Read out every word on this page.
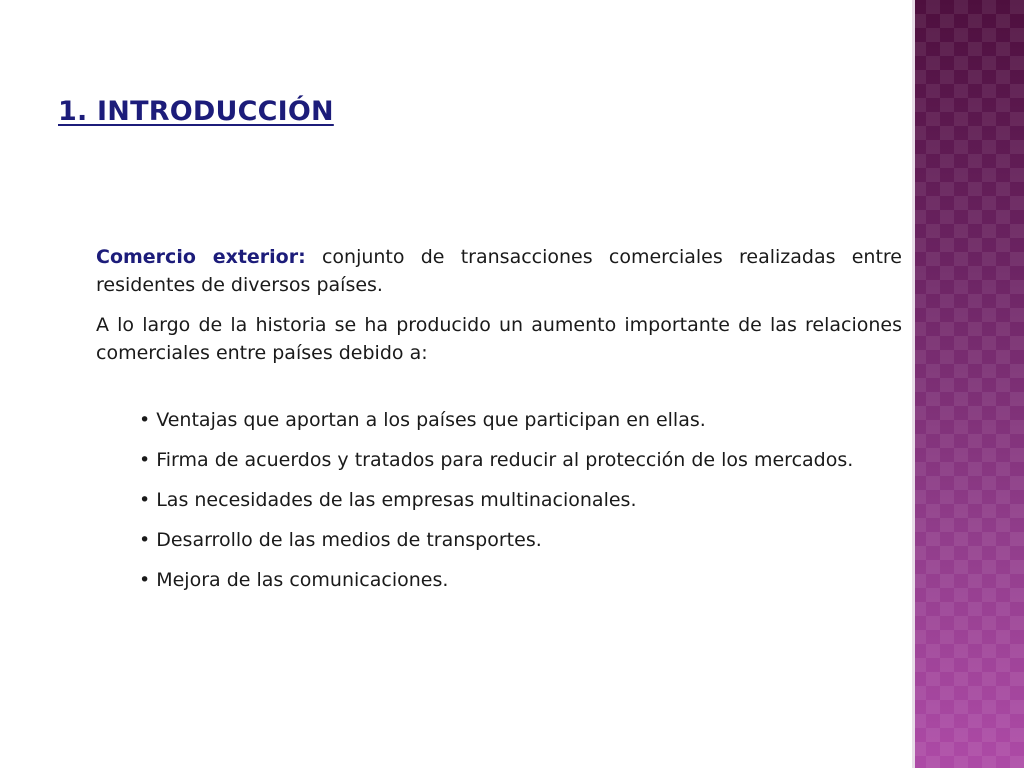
1. INTRODUCCIÓN

Comercio exterior: conjunto de transacciones comerciales realizadas entre residentes de diversos países.

A lo largo de la historia se ha producido un aumento importante de las relaciones comerciales entre países debido a:

• Ventajas que aportan a los países que participan en ellas.
• Firma de acuerdos y tratados para reducir al protección de los mercados.
• Las necesidades de las empresas multinacionales.
• Desarrollo de las medios de transportes.
• Mejora de las comunicaciones.
